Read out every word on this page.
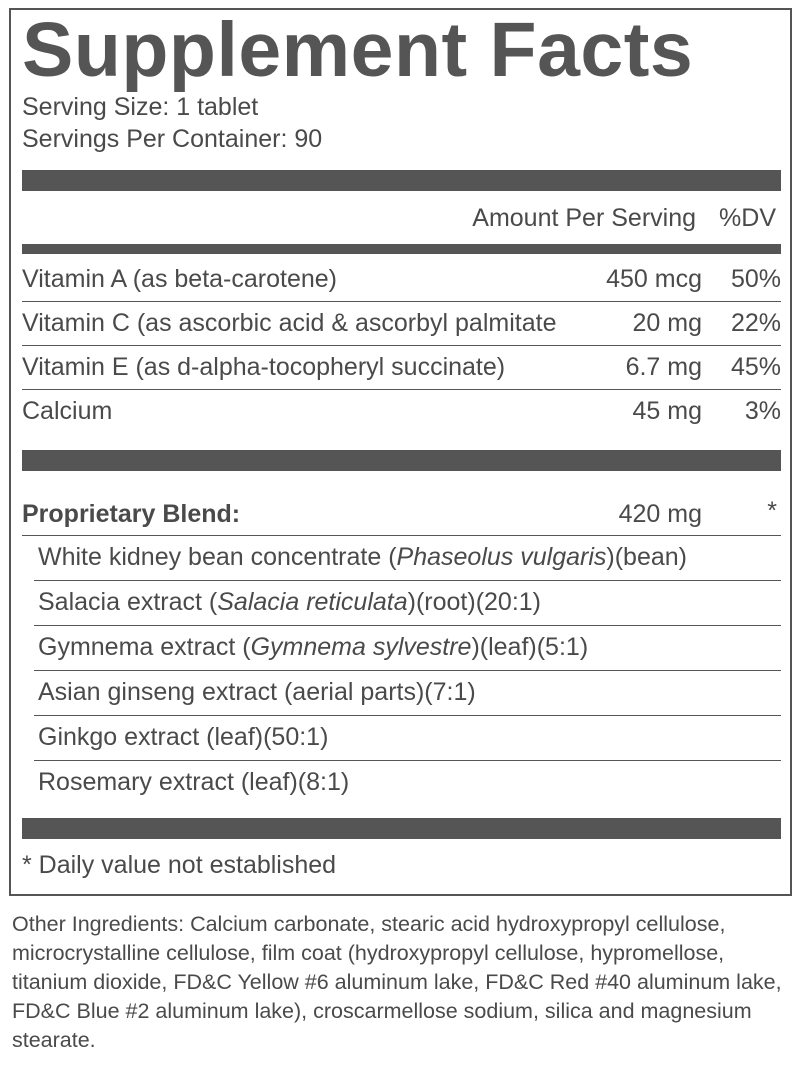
Supplement Facts
Serving Size: 1 tablet
Servings Per Container: 90
Amount Per Serving %DV
Vitamin A (as beta-carotene)	450 mcg 50%
Vitamin C (as ascorbic acid & ascorbyl palmitate	20 mg 22%
Vitamin E (as d-alpha-tocopheryl succinate)	6.7 mg 45%
Calcium	45 mg 3%
Proprietary Blend:	420 mg	*
White kidney bean concentrate (Phaseolus vulgaris)(bean)
Salacia extract (Salacia reticulata)(root)(20:1)
Gymnema extract (Gymnema sylvestre)(leaf)(5:1)
Asian ginseng extract (aerial parts)(7:1)
Ginkgo extract (leaf)(50:1)
Rosemary extract (leaf)(8:1)
* Daily value not established
Other Ingredients: Calcium carbonate, stearic acid hydroxypropyl cellulose, microcrystalline cellulose, film coat (hydroxypropyl cellulose, hypromellose, titanium dioxide, FD&C Yellow #6 aluminum lake, FD&C Red #40 aluminum lake, FD&C Blue #2 aluminum lake), croscarmellose sodium, silica and magnesium stearate.
